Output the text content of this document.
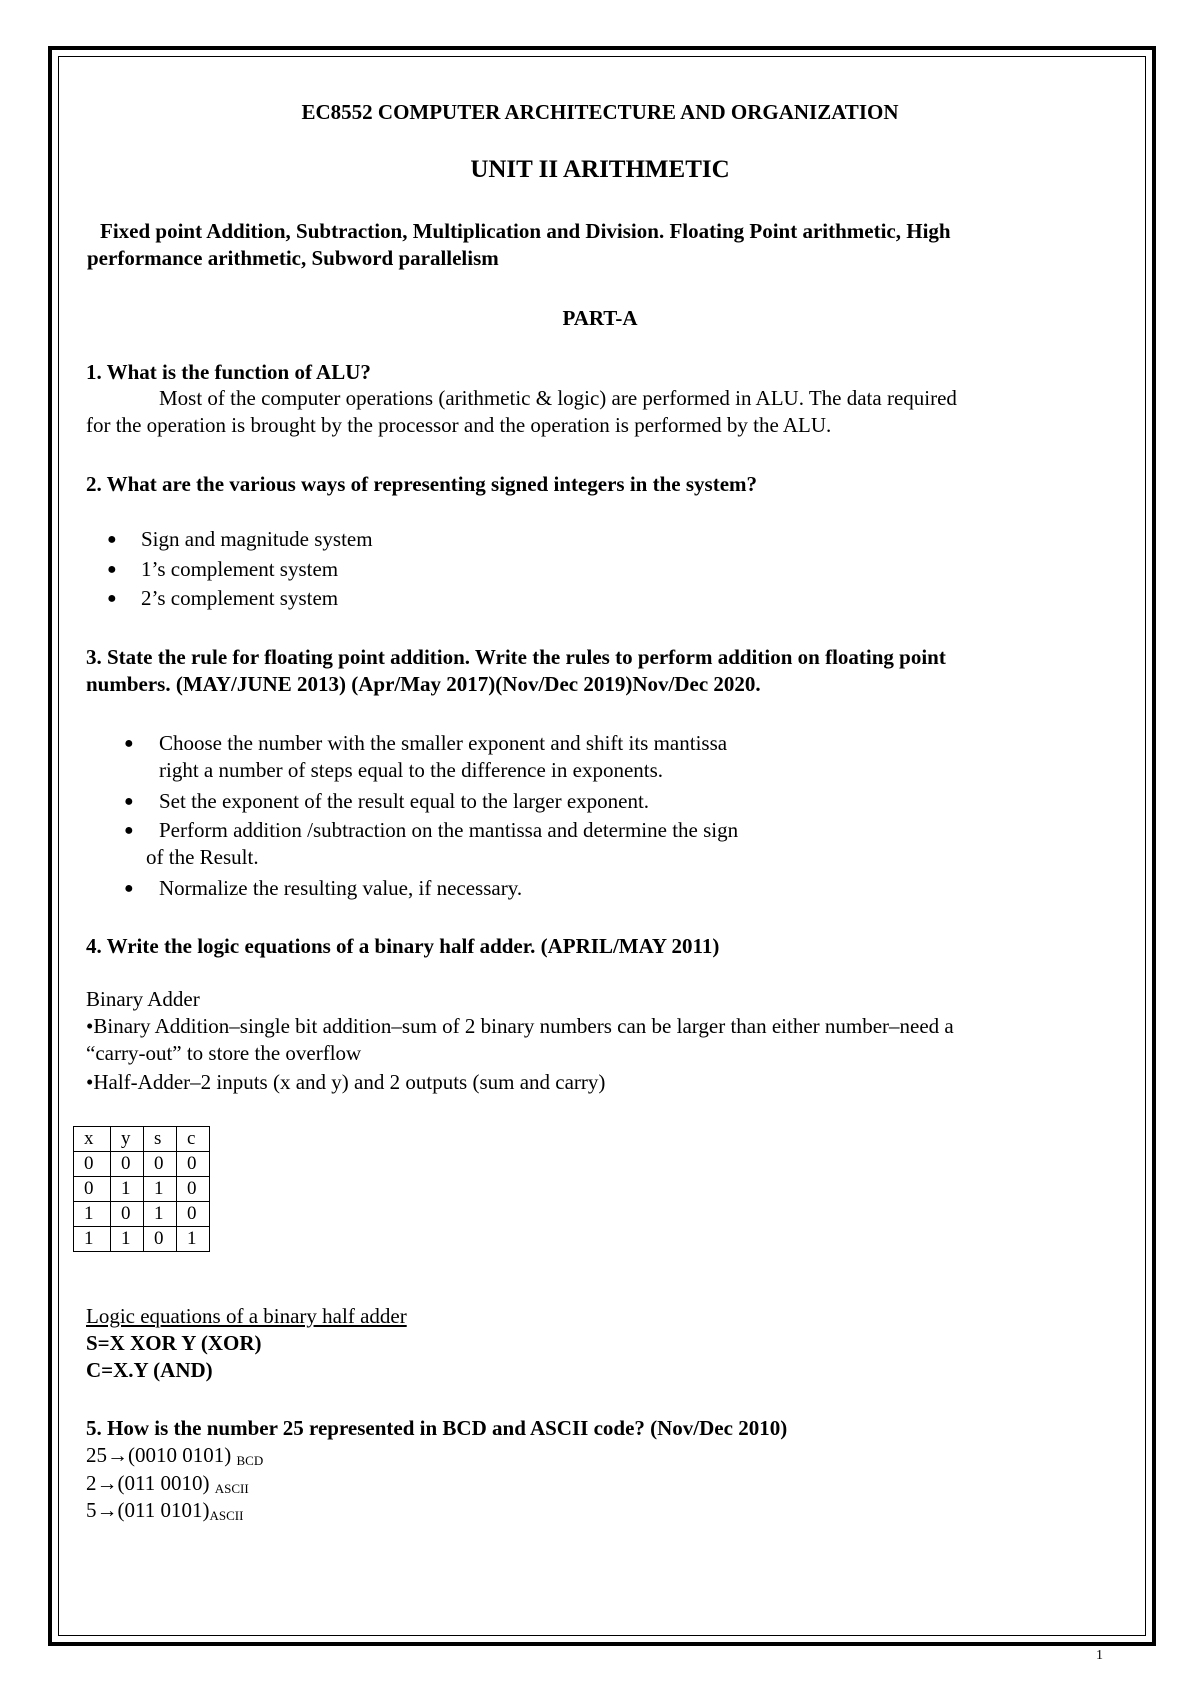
EC8552 COMPUTER ARCHITECTURE AND ORGANIZATION
UNIT II ARITHMETIC
Fixed point Addition, Subtraction, Multiplication and Division. Floating Point arithmetic, High
performance arithmetic, Subword parallelism
PART-A
1. What is the function of ALU?
Most of the computer operations (arithmetic & logic) are performed in ALU. The data required
for the operation is brought by the processor and the operation is performed by the ALU.
2. What are the various ways of representing signed integers in the system?
● Sign and magnitude system
● 1’s complement system
● 2’s complement system
3. State the rule for floating point addition. Write the rules to perform addition on floating point
numbers. (MAY/JUNE 2013) (Apr/May 2017)(Nov/Dec 2019)Nov/Dec 2020.
● Choose the number with the smaller exponent and shift its mantissa
right a number of steps equal to the difference in exponents.
● Set the exponent of the result equal to the larger exponent.
● Perform addition /subtraction on the mantissa and determine the sign
of the Result.
● Normalize the resulting value, if necessary.
4. Write the logic equations of a binary half adder. (APRIL/MAY 2011)
Binary Adder
•Binary Addition–single bit addition–sum of 2 binary numbers can be larger than either number–need a
“carry-out” to store the overflow
•Half-Adder–2 inputs (x and y) and 2 outputs (sum and carry)
x	y	s	c
0	0	0	0
0	1	1	0
1	0	1	0
1	1	0	1
Logic equations of a binary half adder
S=X XOR Y (XOR)
C=X.Y (AND)
5. How is the number 25 represented in BCD and ASCII code? (Nov/Dec 2010)
25→(0010 0101) $_{BCD}$
2→(011 0010) $_{ASCII}$
5→(011 $0101)_{ASCII}$
1
